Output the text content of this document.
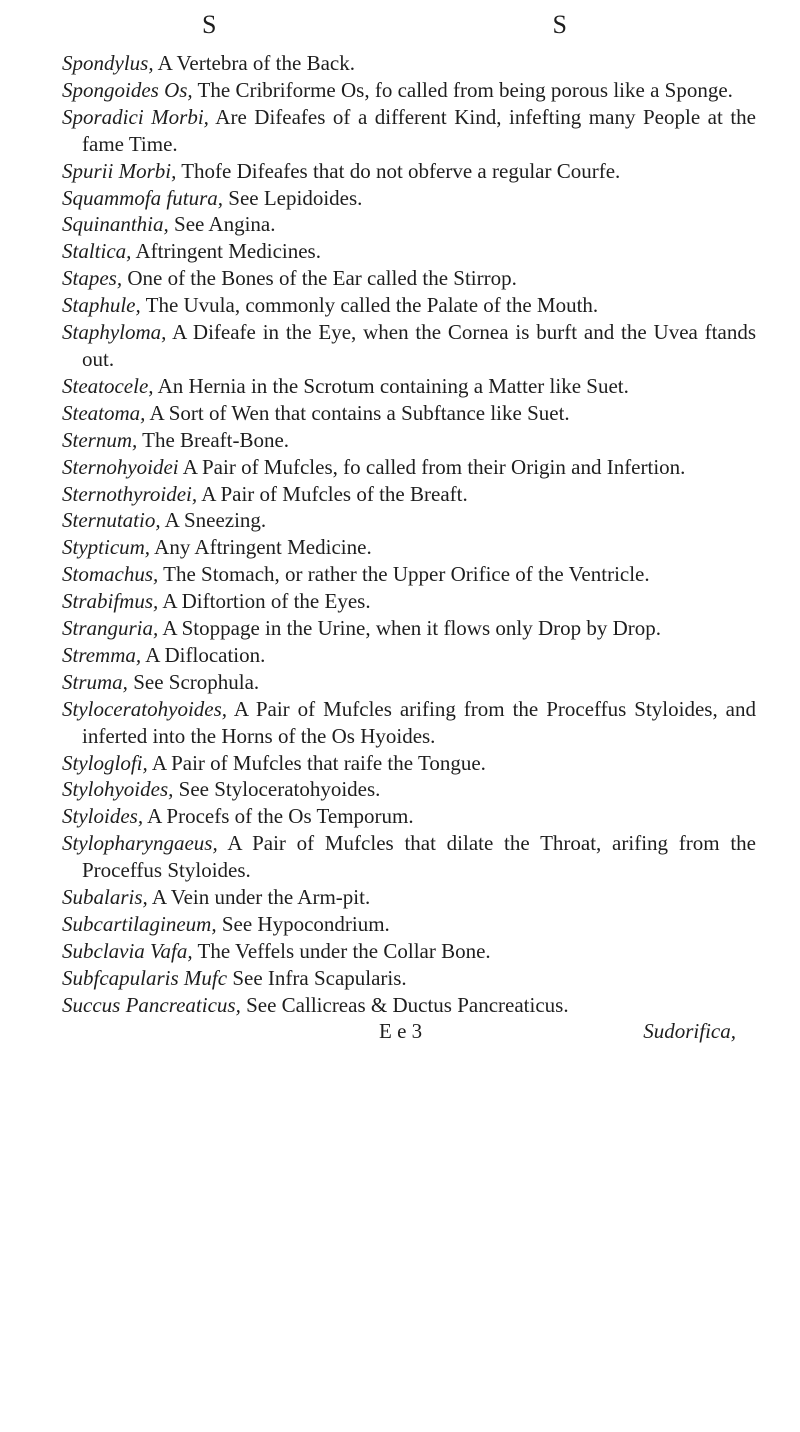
S	S
Spondylus, A Vertebra of the Back.
Spongoides Os, The Cribriforme Os, fo called from being porous like a Sponge.
Sporadici Morbi, Are Difeafes of a different Kind, infefting many People at the fame Time.
Spurii Morbi, Thofe Difeafes that do not obferve a regular Courfe.
Squammofa futura, See Lepidoides.
Squinanthia, See Angina.
Staltica, Aftringent Medicines.
Stapes, One of the Bones of the Ear called the Stirrop.
Staphule, The Uvula, commonly called the Palate of the Mouth.
Staphyloma, A Difeafe in the Eye, when the Cornea is burft and the Uvea ftands out.
Steatocele, An Hernia in the Scrotum containing a Matter like Suet.
Steatoma, A Sort of Wen that contains a Subftance like Suet.
Sternum, The Breaft-Bone.
Sternohyoidei A Pair of Mufcles, fo called from their Origin and Infertion.
Sternothyroidei, A Pair of Mufcles of the Breaft.
Sternutatio, A Sneezing.
Stypticum, Any Aftringent Medicine.
Stomachus, The Stomach, or rather the Upper Orifice of the Ventricle.
Strabifmus, A Diftortion of the Eyes.
Stranguria, A Stoppage in the Urine, when it flows only Drop by Drop.
Stremma, A Diflocation.
Struma, See Scrophula.
Styloceratohyoides, A Pair of Mufcles arifing from the Proceffus Styloides, and inferted into the Horns of the Os Hyoides.
Styloglofi, A Pair of Mufcles that raife the Tongue.
Stylohyoides, See Styloceratohyoides.
Styloides, A Procefs of the Os Temporum.
Stylopharyngaeus, A Pair of Mufcles that dilate the Throat, arifing from the Proceffus Styloides.
Subalaris, A Vein under the Arm-pit.
Subcartilagineum, See Hypocondrium.
Subclavia Vafa, The Veffels under the Collar Bone.
Subfcapularis Mufc See Infra Scapularis.
Succus Pancreaticus, See Callicreas & Ductus Pancreaticus.
E e 3	Sudorifica,
